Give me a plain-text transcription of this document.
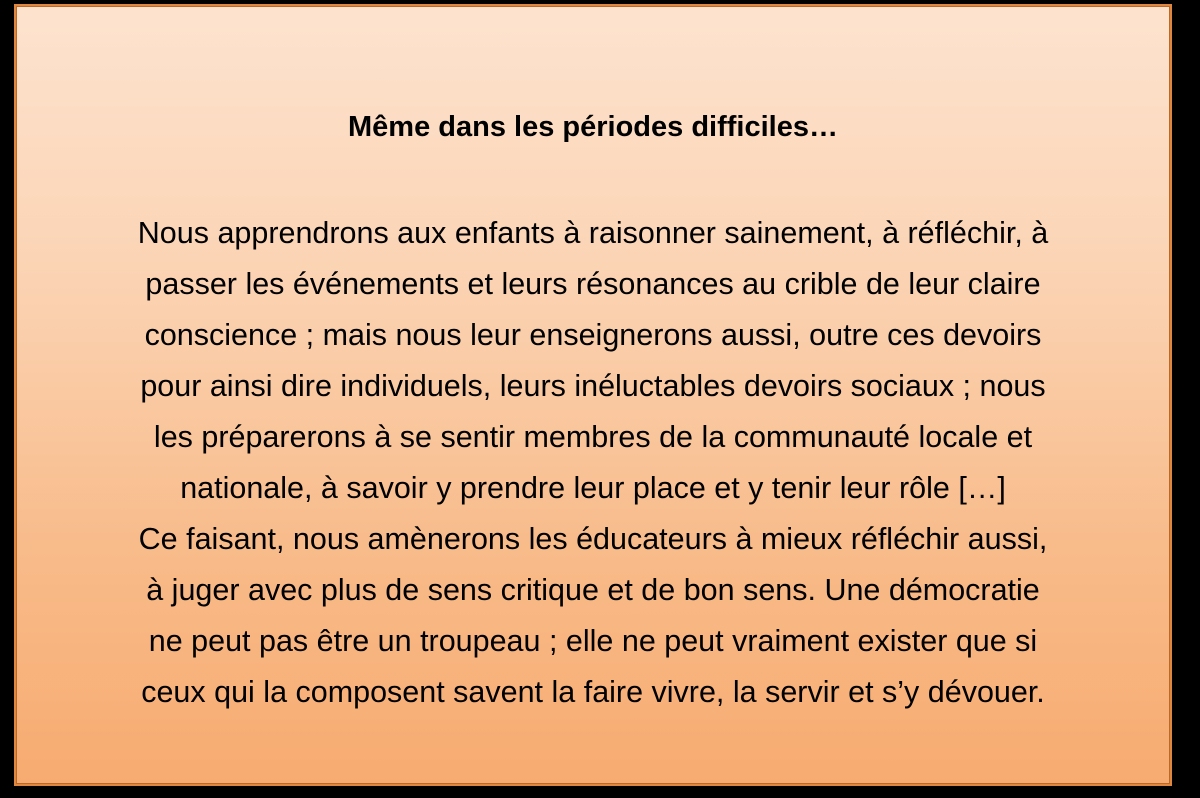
Même dans les périodes difficiles…
Nous apprendrons aux enfants à raisonner sainement, à réfléchir, à
passer les événements et leurs résonances au crible de leur claire
conscience ; mais nous leur enseignerons aussi, outre ces devoirs
pour ainsi dire individuels, leurs inéluctables devoirs sociaux ; nous
les préparerons à se sentir membres de la communauté locale et
nationale, à savoir y prendre leur place et y tenir leur rôle […]
Ce faisant, nous amènerons les éducateurs à mieux réfléchir aussi,
à juger avec plus de sens critique et de bon sens. Une démocratie
ne peut pas être un troupeau ; elle ne peut vraiment exister que si
ceux qui la composent savent la faire vivre, la servir et s’y dévouer.
